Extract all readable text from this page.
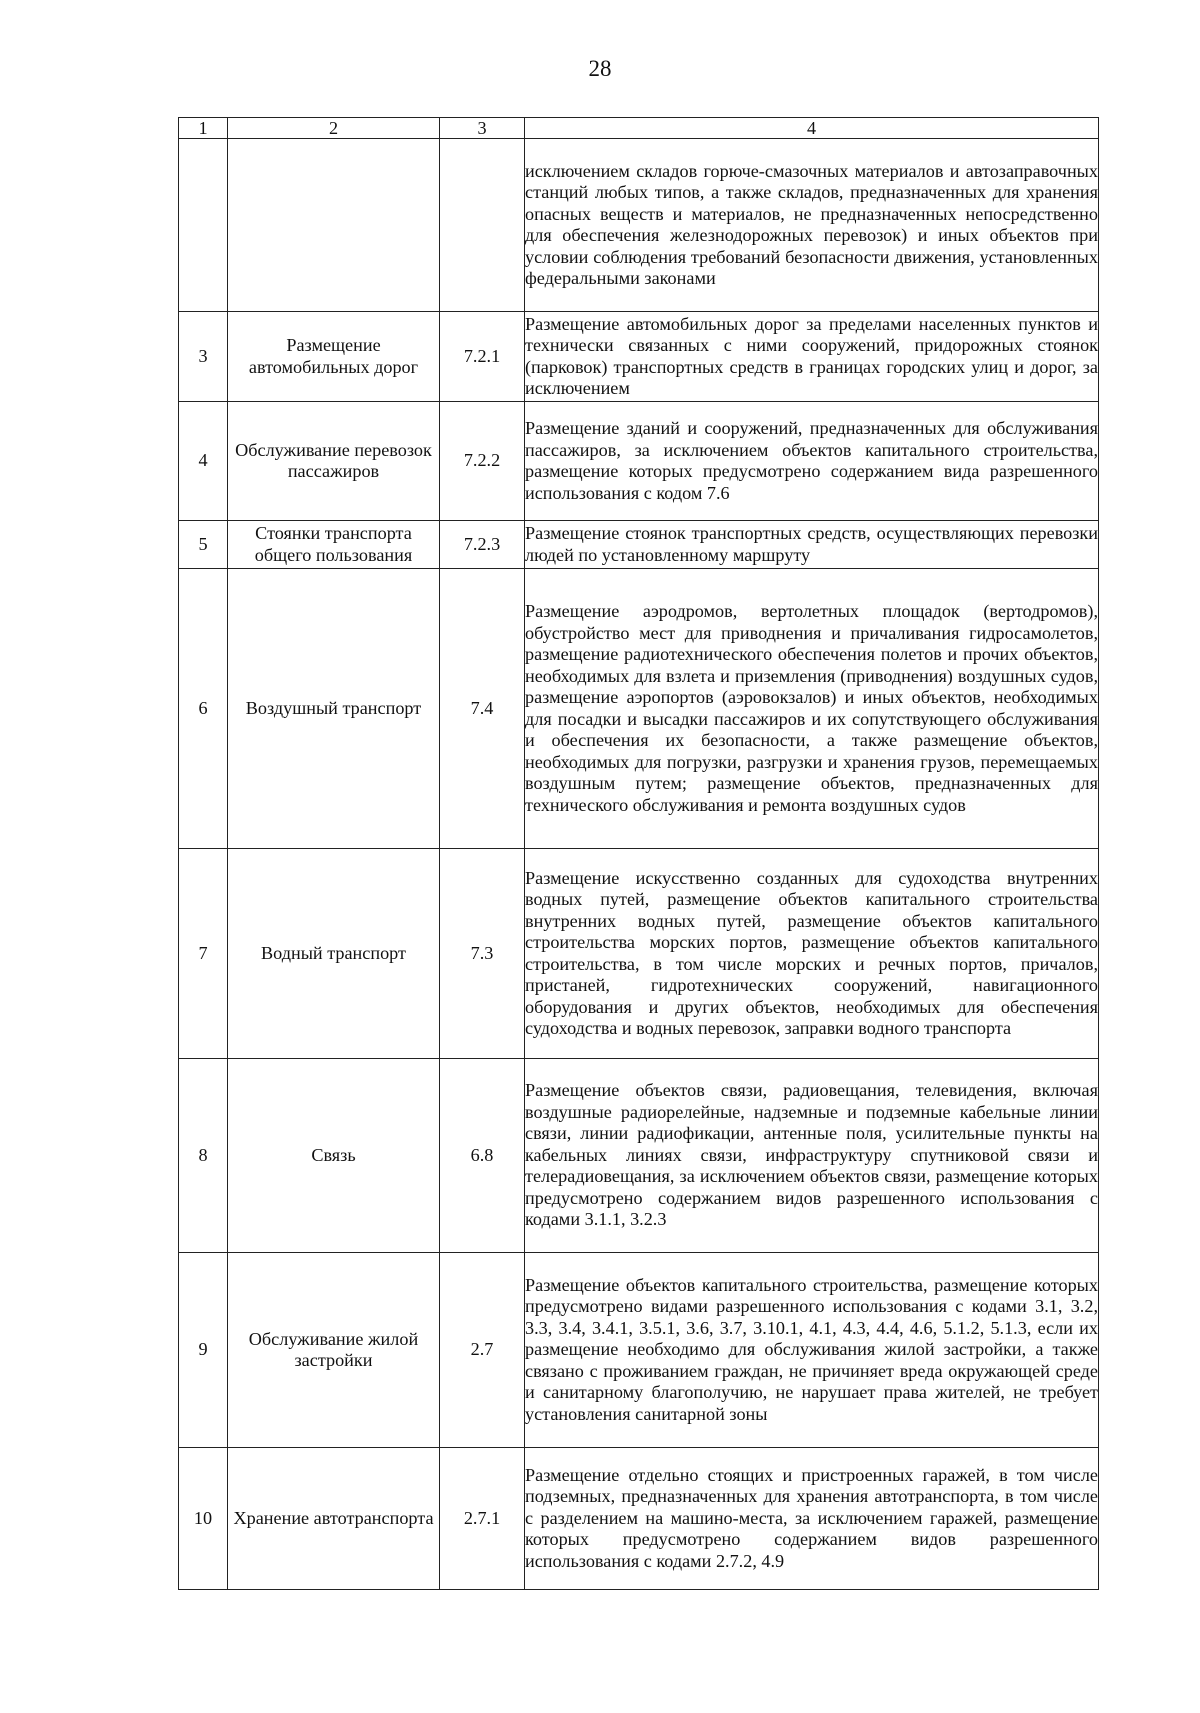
28
1	2	3	4
			исключением складов горюче-смазочных материалов и автозаправочных станций любых типов, а также складов, предназначенных для хранения опасных веществ и материалов, не предназначенных непосредственно для обеспечения железнодорожных перевозок) и иных объектов при условии соблюдения требований безопасности движения, установленных федеральными законами
3	Размещение автомобильных дорог	7.2.1	Размещение автомобильных дорог за пределами населенных пунктов и технически связанных с ними сооружений, придорожных стоянок (парковок) транспортных средств в границах городских улиц и дорог, за исключением
4	Обслуживание перевозок пассажиров	7.2.2	Размещение зданий и сооружений, предназначенных для обслуживания пассажиров, за исключением объектов капитального строительства, размещение которых предусмотрено содержанием вида разрешенного использования с кодом 7.6
5	Стоянки транспорта общего пользования	7.2.3	Размещение стоянок транспортных средств, осуществляющих перевозки людей по установленному маршруту
6	Воздушный транспорт	7.4	Размещение аэродромов, вертолетных площадок (вертодромов), обустройство мест для приводнения и причаливания гидросамолетов, размещение радиотехнического обеспечения полетов и прочих объектов, необходимых для взлета и приземления (приводнения) воздушных судов, размещение аэропортов (аэровокзалов) и иных объектов, необходимых для посадки и высадки пассажиров и их сопутствующего обслуживания и обеспечения их безопасности, а также размещение объектов, необходимых для погрузки, разгрузки и хранения грузов, перемещаемых воздушным путем; размещение объектов, предназначенных для технического обслуживания и ремонта воздушных судов
7	Водный транспорт	7.3	Размещение искусственно созданных для судоходства внутренних водных путей, размещение объектов капитального строительства внутренних водных путей, размещение объектов капитального строительства морских портов, размещение объектов капитального строительства, в том числе морских и речных портов, причалов, пристаней, гидротехнических сооружений, навигационного оборудования и других объектов, необходимых для обеспечения судоходства и водных перевозок, заправки водного транспорта
8	Связь	6.8	Размещение объектов связи, радиовещания, телевидения, включая воздушные радиорелейные, надземные и подземные кабельные линии связи, линии радиофикации, антенные поля, усилительные пункты на кабельных линиях связи, инфраструктуру спутниковой связи и телерадиовещания, за исключением объектов связи, размещение которых предусмотрено содержанием видов разрешенного использования с кодами 3.1.1, 3.2.3
9	Обслуживание жилой застройки	2.7	Размещение объектов капитального строительства, размещение которых предусмотрено видами разрешенного использования с кодами 3.1, 3.2, 3.3, 3.4, 3.4.1, 3.5.1, 3.6, 3.7, 3.10.1, 4.1, 4.3, 4.4, 4.6, 5.1.2, 5.1.3, если их размещение необходимо для обслуживания жилой застройки, а также связано с проживанием граждан, не причиняет вреда окружающей среде и санитарному благополучию, не нарушает права жителей, не требует установления санитарной зоны
10	Хранение автотранспорта	2.7.1	Размещение отдельно стоящих и пристроенных гаражей, в том числе подземных, предназначенных для хранения автотранспорта, в том числе с разделением на машино-места, за исключением гаражей, размещение которых предусмотрено содержанием видов разрешенного использования с кодами 2.7.2, 4.9
